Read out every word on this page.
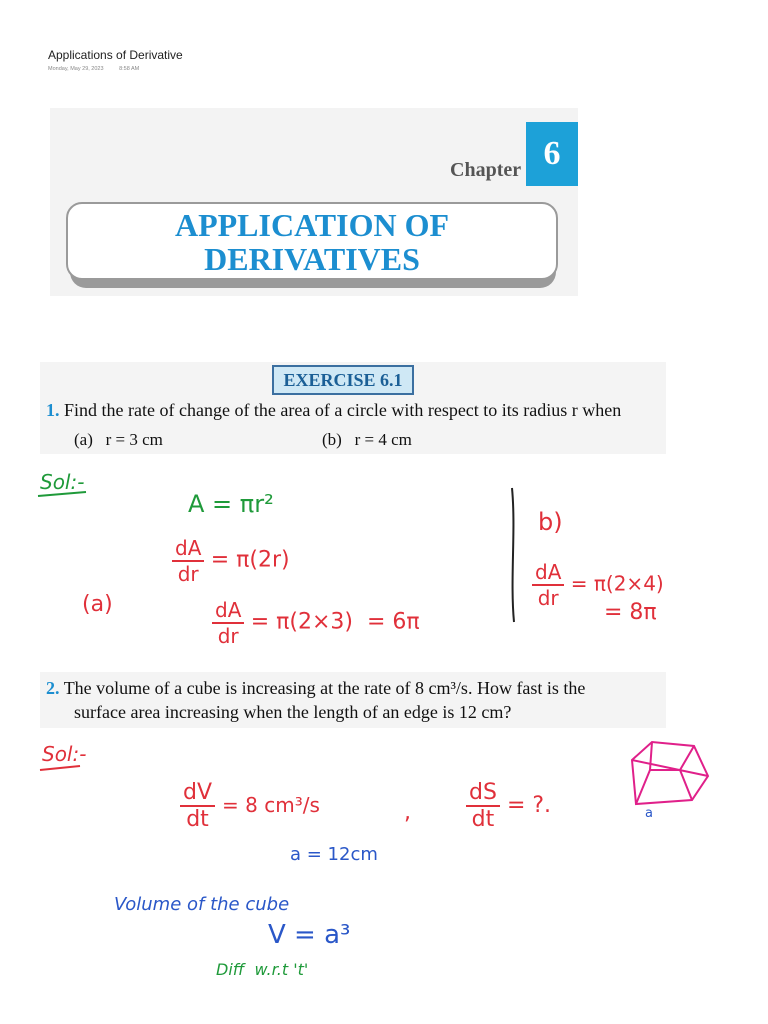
Applications of Derivative
Monday, May 29, 2023	8:58 AM
Chapter 6
APPLICATION OF
DERIVATIVES
EXERCISE 6.1
1. Find the rate of change of the area of a circle with respect to its radius r when
(a)   r = 3 cm	(b)   r = 4 cm
Sol:-
A = πr²
$\frac{dA}{dr} = \pi(2r)$
(a)	$\frac{dA}{dr} = \pi(2\times 3) = 6\pi$
b)
$\frac{dA}{dr} = \pi(2\times 4)$
= 8π
2. The volume of a cube is increasing at the rate of 8 cm³/s. How fast is the
surface area increasing when the length of an edge is 12 cm?
Sol:-
$\frac{dV}{dt} = 8$ cm³/s	,	$\frac{dS}{dt}$ = ?.
a = 12cm
Volume of the cube
V = a³
Diff  w.r.t 't'
a
